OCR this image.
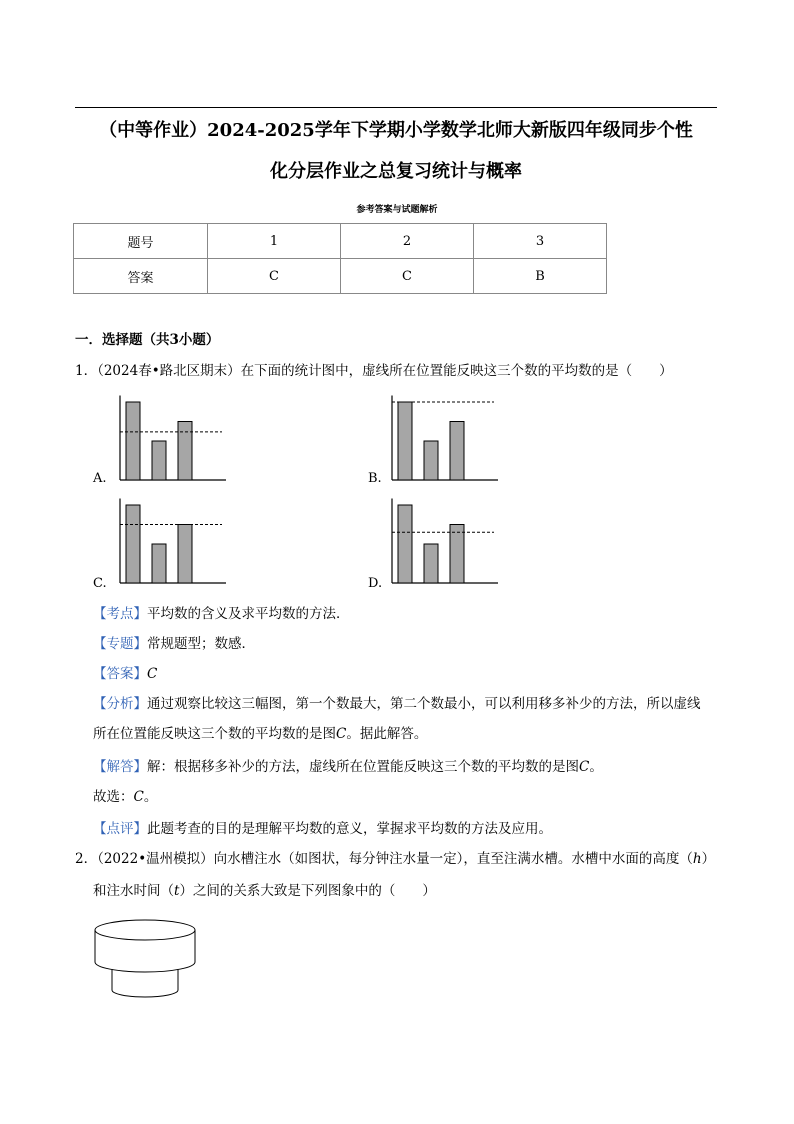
（中等作业）2024-2025学年下学期小学数学北师大新版四年级同步个性
化分层作业之总复习统计与概率
参考答案与试题解析
题号	1	2	3
答案	C	C	B
一．选择题（共3小题）
1．（2024春•路北区期末）在下面的统计图中，虚线所在位置能反映这三个数的平均数的是（　　）
A.	B.
C.	D.
【考点】平均数的含义及求平均数的方法．
【专题】常规题型；数感．
【答案】C
【分析】通过观察比较这三幅图，第一个数最大，第二个数最小，可以利用移多补少的方法，所以虚线
所在位置能反映这三个数的平均数的是图C。据此解答。
【解答】解：根据移多补少的方法，虚线所在位置能反映这三个数的平均数的是图C。
故选：C。
【点评】此题考查的目的是理解平均数的意义，掌握求平均数的方法及应用。
2．（2022•温州模拟）向水槽注水（如图状，每分钟注水量一定），直至注满水槽。水槽中水面的高度（h）
和注水时间（t）之间的关系大致是下列图象中的（　　）
